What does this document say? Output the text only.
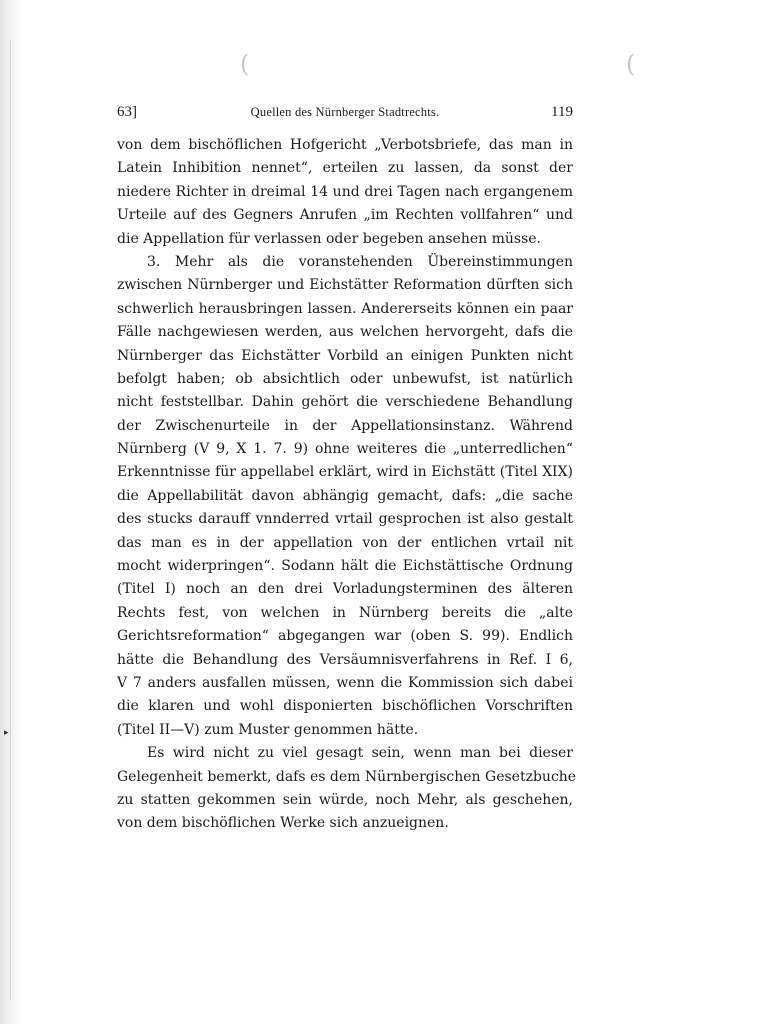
▸
(	(
63]	Quellen des Nürnberger Stadtrechts.	119
von dem bischöflichen Hofgericht „Verbotsbriefe, das man in
Latein Inhibition nennet“, erteilen zu lassen, da sonst der
niedere Richter in dreimal 14 und drei Tagen nach ergangenem
Urteile auf des Gegners Anrufen „im Rechten vollfahren“ und
die Appellation für verlassen oder begeben ansehen müsse.
3. Mehr als die voranstehenden Übereinstimmungen
zwischen Nürnberger und Eichstätter Reformation dürften sich
schwerlich herausbringen lassen. Andererseits können ein paar
Fälle nachgewiesen werden, aus welchen hervorgeht, dafs die
Nürnberger das Eichstätter Vorbild an einigen Punkten nicht
befolgt haben; ob absichtlich oder unbewufst, ist natürlich
nicht feststellbar. Dahin gehört die verschiedene Behandlung
der Zwischenurteile in der Appellationsinstanz. Während
Nürnberg (V 9, X 1. 7. 9) ohne weiteres die „unterredlichen“
Erkenntnisse für appellabel erklärt, wird in Eichstätt (Titel XIX)
die Appellabilität davon abhängig gemacht, dafs: „die sache
des stucks darauff vnnderred vrtail gesprochen ist also gestalt
das man es in der appellation von der entlichen vrtail nit
mocht widerpringen“. Sodann hält die Eichstättische Ordnung
(Titel I) noch an den drei Vorladungsterminen des älteren
Rechts fest, von welchen in Nürnberg bereits die „alte
Gerichtsreformation“ abgegangen war (oben S. 99). Endlich
hätte die Behandlung des Versäumnisverfahrens in Ref. I 6,
V 7 anders ausfallen müssen, wenn die Kommission sich dabei
die klaren und wohl disponierten bischöflichen Vorschriften
(Titel II—V) zum Muster genommen hätte.
Es wird nicht zu viel gesagt sein, wenn man bei dieser
Gelegenheit bemerkt, dafs es dem Nürnbergischen Gesetzbuche
zu statten gekommen sein würde, noch Mehr, als geschehen,
von dem bischöflichen Werke sich anzueignen.
